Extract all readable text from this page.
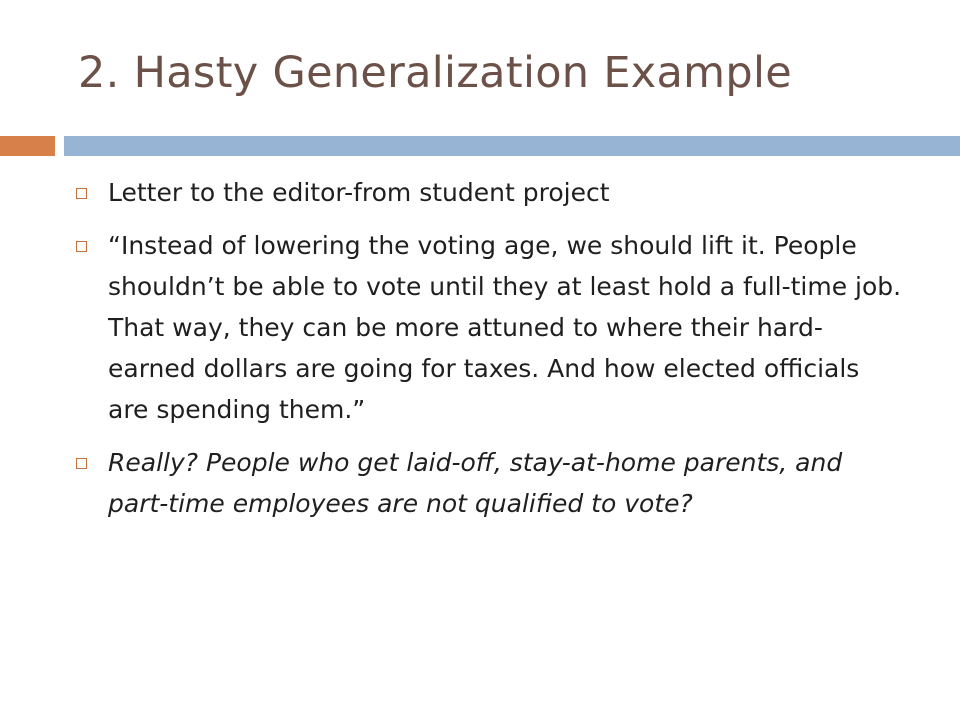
2. Hasty Generalization Example
Letter to the editor-from student project
“Instead of lowering the voting age, we should lift it. People shouldn’t be able to vote until they at least hold a full-time job. That way, they can be more attuned to where their hard-earned dollars are going for taxes. And how elected officials are spending them.”
Really? People who get laid-off, stay-at-home parents, and part-time employees are not qualified to vote?
